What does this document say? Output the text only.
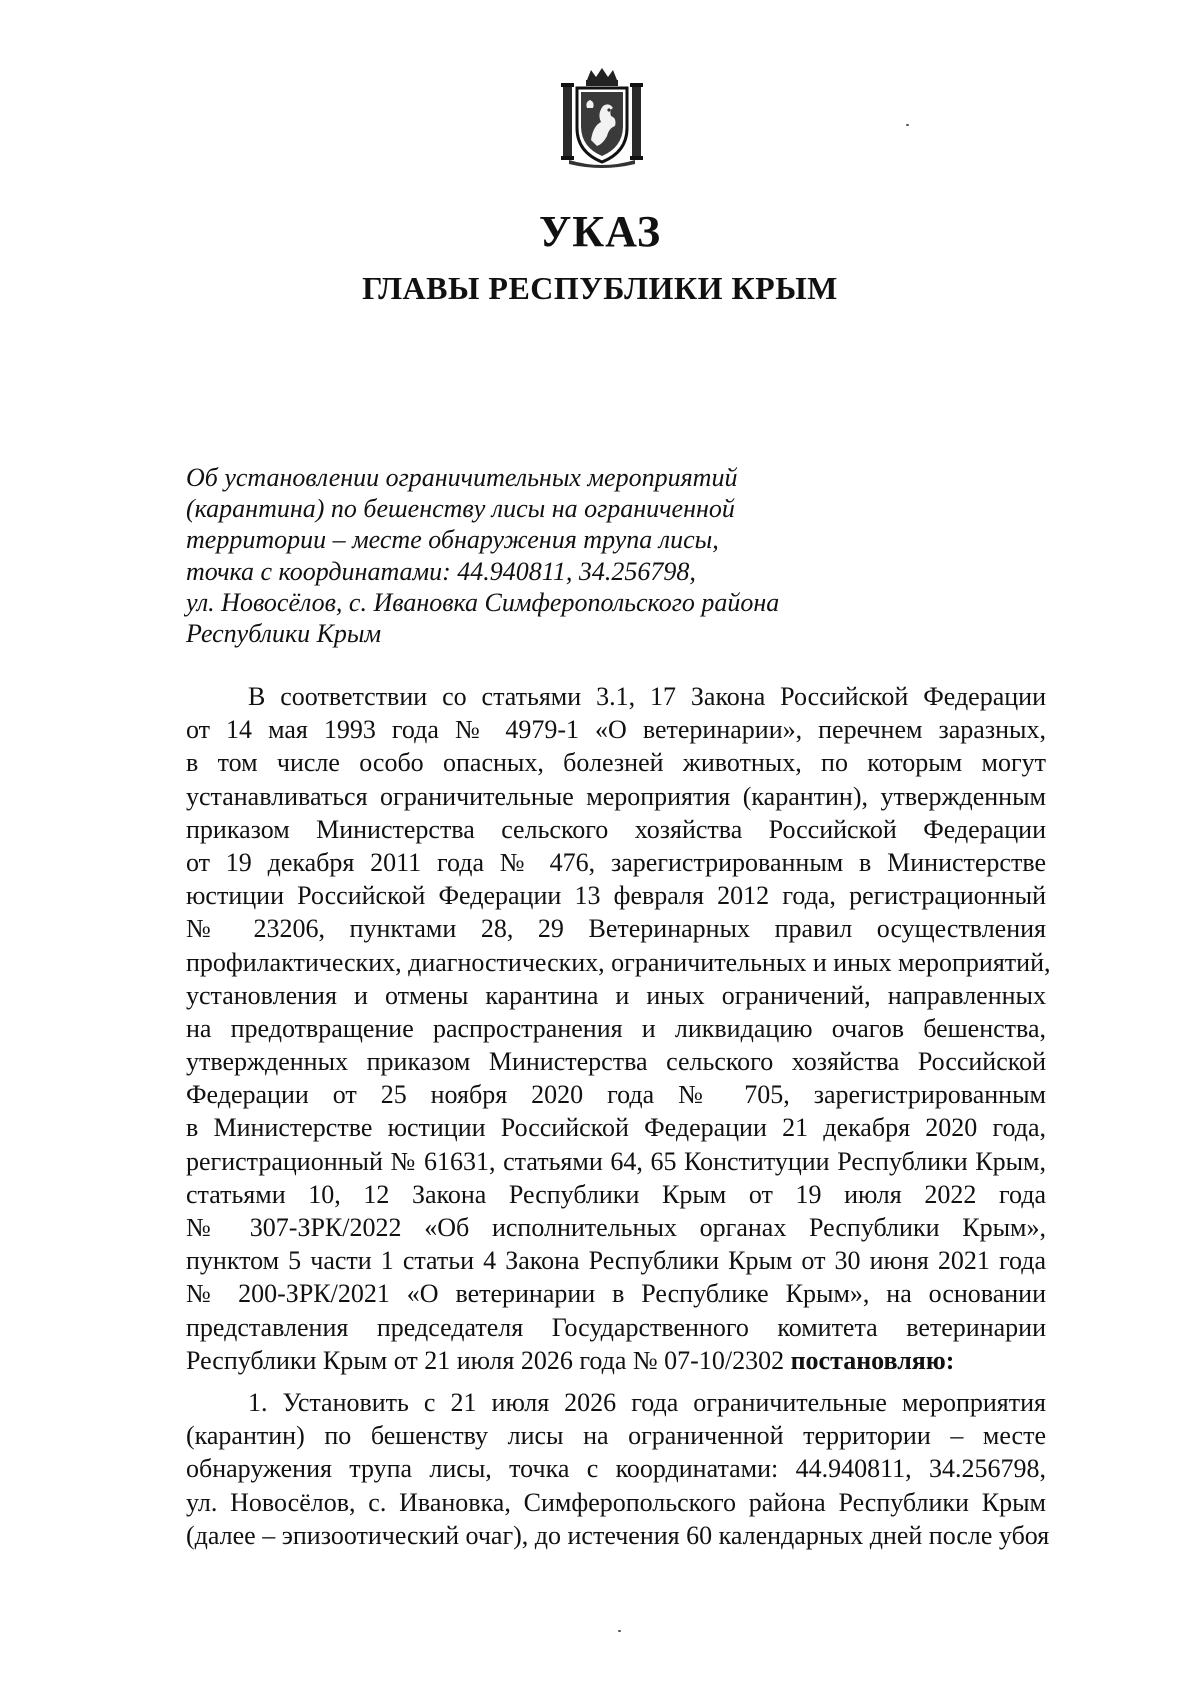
УКАЗ
ГЛАВЫ РЕСПУБЛИКИ КРЫМ
Об установлении ограничительных мероприятий
(карантина) по бешенству лисы на ограниченной
территории – месте обнаружения трупа лисы,
точка с координатами: 44.940811, 34.256798,
ул. Новосёлов, с. Ивановка Симферопольского района
Республики Крым
В соответствии со статьями 3.1, 17 Закона Российской Федерации
от 14 мая 1993 года № 4979-1 «О ветеринарии», перечнем заразных,
в том числе особо опасных, болезней животных, по которым могут
устанавливаться ограничительные мероприятия (карантин), утвержденным
приказом Министерства сельского хозяйства Российской Федерации
от 19 декабря 2011 года № 476, зарегистрированным в Министерстве
юстиции Российской Федерации 13 февраля 2012 года, регистрационный
№ 23206, пунктами 28, 29 Ветеринарных правил осуществления
профилактических, диагностических, ограничительных и иных мероприятий,
установления и отмены карантина и иных ограничений, направленных
на предотвращение распространения и ликвидацию очагов бешенства,
утвержденных приказом Министерства сельского хозяйства Российской
Федерации от 25 ноября 2020 года № 705, зарегистрированным
в Министерстве юстиции Российской Федерации 21 декабря 2020 года,
регистрационный № 61631, статьями 64, 65 Конституции Республики Крым,
статьями 10, 12 Закона Республики Крым от 19 июля 2022 года
№ 307-ЗРК/2022 «Об исполнительных органах Республики Крым»,
пунктом 5 части 1 статьи 4 Закона Республики Крым от 30 июня 2021 года
№ 200-ЗРК/2021 «О ветеринарии в Республике Крым», на основании
представления председателя Государственного комитета ветеринарии
Республики Крым от 21 июля 2026 года № 07-10/2302 постановляю:
1. Установить с 21 июля 2026 года ограничительные мероприятия
(карантин) по бешенству лисы на ограниченной территории – месте
обнаружения трупа лисы, точка с координатами: 44.940811, 34.256798,
ул. Новосёлов, с. Ивановка, Симферопольского района Республики Крым
(далее – эпизоотический очаг), до истечения 60 календарных дней после убоя
